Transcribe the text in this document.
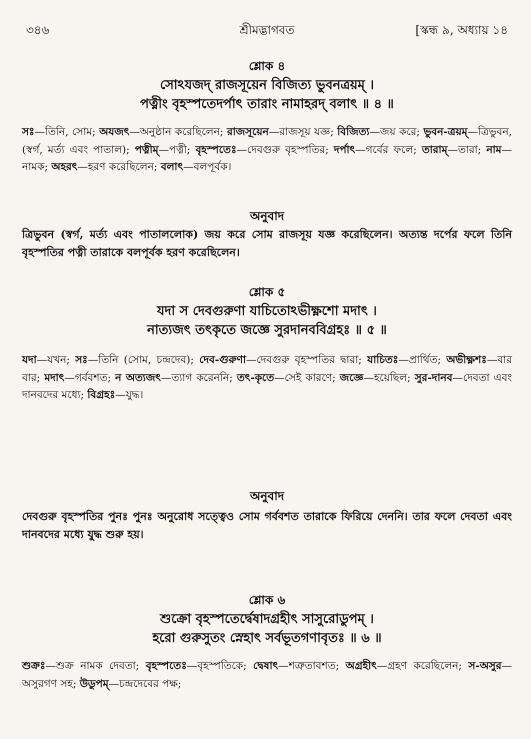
৩৪৬	শ্রীমদ্ভাগবত	[স্কন্ধ ৯, অধ্যায় ১৪
শ্লোক ৪
সোঽযজদ্ রাজসূয়েন বিজিত্য ভুবনত্রয়ম্ ।
পত্নীং বৃহস্পতেদর্পাৎ তারাং নামাহরদ্ বলাৎ ॥ ৪ ॥
সঃ—তিনি, সোম; অযজৎ—অনুষ্ঠান করেছিলেন; রাজসূয়েন—রাজসূয় যজ্ঞ; বিজিত্য—জয় করে; ভুবন-ত্রয়ম্—ত্রিভুবন, (স্বর্গ, মর্ত্য এবং পাতাল); পত্নীম্—পত্নী; বৃহস্পতেঃ—দেবগুরু বৃহস্পতির; দর্পাৎ—গর্বের ফলে; তারাম্—তারা; নাম—নামক; অহরৎ—হরণ করেছিলেন; বলাৎ—বলপূর্বক।
অনুবাদ
ত্রিভুবন (স্বর্গ, মর্ত্য এবং পাতাললোক) জয় করে সোম রাজসূয় যজ্ঞ করেছিলেন। অত্যন্ত দর্পের ফলে তিনি বৃহস্পতির পত্নী তারাকে বলপূর্বক হরণ করেছিলেন।
শ্লোক ৫
যদা স দেবগুরুণা যাচিতোঽভীক্ষ্ণশো মদাৎ ।
নাত্যজৎ তৎকৃতে জজ্ঞে সুরদানববিগ্রহঃ ॥ ৫ ॥
যদা—যখন; সঃ—তিনি (সোম, চন্দ্রদেব); দেব-গুরুণা—দেবগুরু বৃহস্পতির দ্বারা; যাচিতঃ—প্রার্থিত; অভীক্ষ্ণশঃ—বার বার; মদাৎ—গর্ববশত; ন অত্যজৎ—ত্যাগ করেননি; তৎ-কৃতে—সেই কারণে; জজ্ঞে—হয়েছিল; সুর-দানব—দেবতা এবং দানবদের মধ্যে; বিগ্রহঃ—যুদ্ধ।
অনুবাদ
দেবগুরু বৃহস্পতির পুনঃ পুনঃ অনুরোধ সত্ত্বেও সোম গর্ববশত তারাকে ফিরিয়ে দেননি। তার ফলে দেবতা এবং দানবদের মধ্যে যুদ্ধ শুরু হয়।
শ্লোক ৬
শুক্রো বৃহস্পতের্দ্বেষাদগ্রহীৎ সাসুরোডুপম্ ।
হরো গুরুসুতং স্নেহাৎ সর্বভূতগণাবৃতঃ ॥ ৬ ॥
শুক্রঃ—শুক্র নামক দেবতা; বৃহস্পতেঃ—বৃহস্পতিকে; দ্বেষাৎ—শত্রুতাবশত; অগ্রহীৎ—গ্রহণ করেছিলেন; স-অসুর—অসুরগণ সহ; উডুপম্—চন্দ্রদেবের পক্ষ;
